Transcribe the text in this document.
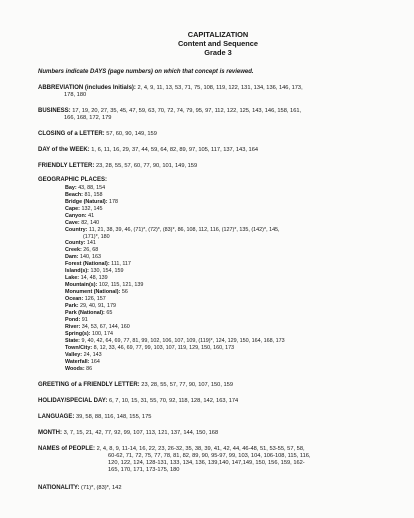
CAPITALIZATION
Content and Sequence
Grade 3
Numbers indicate DAYS (page numbers) on which that concept is reviewed.
ABBREVIATION (includes Initials): 2, 4, 9, 11, 13, 53, 71, 75, 108, 119, 122, 131, 134, 136, 146, 173,
178, 180
BUSINESS: 17, 19, 20, 27, 35, 45, 47, 59, 63, 70, 72, 74, 79, 95, 97, 112, 122, 125, 143, 146, 158, 161,
166, 168, 172, 179
CLOSING of a LETTER: 57, 60, 90, 149, 159
DAY of the WEEK: 1, 6, 11, 16, 29, 37, 44, 59, 64, 82, 89, 97, 105, 117, 137, 143, 164
FRIENDLY LETTER: 23, 28, 55, 57, 60, 77, 90, 101, 149, 159
GEOGRAPHIC PLACES:
Bay: 43, 88, 154
Beach: 81, 158
Bridge (Natural): 178
Cape: 132, 145
Canyon: 41
Cave: 82, 140
Country: 11, 21, 38, 39, 46, (71)*, (72)*, (83)*, 86, 108, 112, 116, (127)*, 135, (142)*, 145,
(171)*, 180
County: 141
Creek: 26, 68
Dam: 140, 163
Forest (National): 111, 117
Island(s): 130, 154, 159
Lake: 14, 48, 139
Mountain(s): 102, 115, 121, 139
Monument (National): 56
Ocean: 126, 157
Park: 29, 40, 91, 179
Park (National): 65
Pond: 91
River: 34, 53, 67, 144, 160
Spring(s): 100, 174
State: 9, 40, 42, 64, 69, 77, 81, 99, 102, 106, 107, 109, (119)*, 124, 129, 150, 164, 168, 173
Town/City: 8, 12, 33, 46, 69, 77, 99, 103, 107, 119, 129, 150, 160, 173
Valley: 24, 143
Waterfall: 164
Woods: 86
GREETING of a FRIENDLY LETTER: 23, 28, 55, 57, 77, 90, 107, 150, 159
HOLIDAY/SPECIAL DAY: 6, 7, 10, 15, 31, 55, 70, 92, 118, 128, 142, 163, 174
LANGUAGE: 39, 58, 88, 116, 148, 155, 175
MONTH: 3, 7, 15, 21, 42, 77, 92, 99, 107, 113, 121, 137, 144, 150, 168
NAMES of PEOPLE: 2, 4, 8, 9, 11-14, 16, 22, 23, 26-32, 35, 38, 39, 41, 42, 44, 46-48, 51, 53-55, 57, 58,
60-62, 71, 72, 75, 77, 78, 81, 82, 89, 90, 95-97, 99, 103, 104, 106-108, 115, 116,
120, 122, 124, 128-131, 133, 134, 136, 139,140, 147,149, 150, 156, 159, 162-
165, 170, 171, 173-175, 180
NATIONALITY: (71)*, (83)*, 142
